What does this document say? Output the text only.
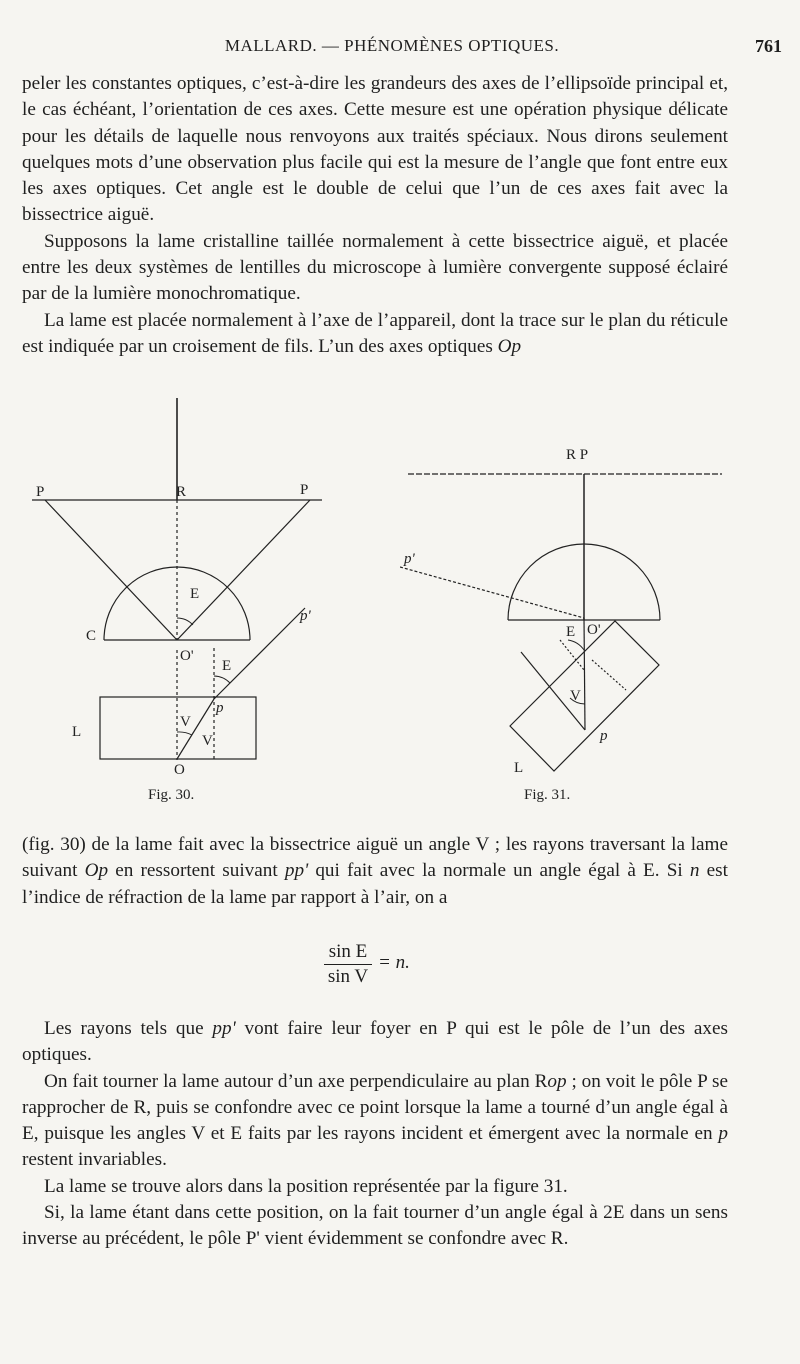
MALLARD. — PHÉNOMÈNES OPTIQUES.	761

peler les constantes optiques, c’est-à-dire les grandeurs des axes de l’ellipsoïde principal et, le cas échéant, l’orientation de ces axes. Cette mesure est une opération physique délicate pour les détails de laquelle nous renvoyons aux traités spéciaux. Nous dirons seulement quelques mots d’une observation plus facile qui est la mesure de l’angle que font entre eux les axes optiques. Cet angle est le double de celui que l’un de ces axes fait avec la bissectrice aiguë.

Supposons la lame cristalline taillée normalement à cette bissectrice aiguë, et placée entre les deux systèmes de lentilles du microscope à lumière convergente supposé éclairé par de la lumière monochromatique.

La lame est placée normalement à l’axe de l’appareil, dont la trace sur le plan du réticule est indiquée par un croisement de fils. L’un des axes optiques Op

P	R	P
E
p'
C
O'
E
p
V
V
L
O
Fig. 30.
R P
p'
E O'
V
p
L
Fig. 31.

(fig. 30) de la lame fait avec la bissectrice aiguë un angle V ; les rayons traversant la lame suivant Op en ressortent suivant pp' qui fait avec la normale un angle égal à E. Si n est l’indice de réfraction de la lame par rapport à l’air, on a

sin E
sin V
= n.

Les rayons tels que pp' vont faire leur foyer en P qui est le pôle de l’un des axes optiques.

On fait tourner la lame autour d’un axe perpendiculaire au plan Rop ; on voit le pôle P se rapprocher de R, puis se confondre avec ce point lorsque la lame a tourné d’un angle égal à E, puisque les angles V et E faits par les rayons incident et émergent avec la normale en p restent invariables.

La lame se trouve alors dans la position représentée par la figure 31.

Si, la lame étant dans cette position, on la fait tourner d’un angle égal à 2E dans un sens inverse au précédent, le pôle P' vient évidemment se confondre avec R.
